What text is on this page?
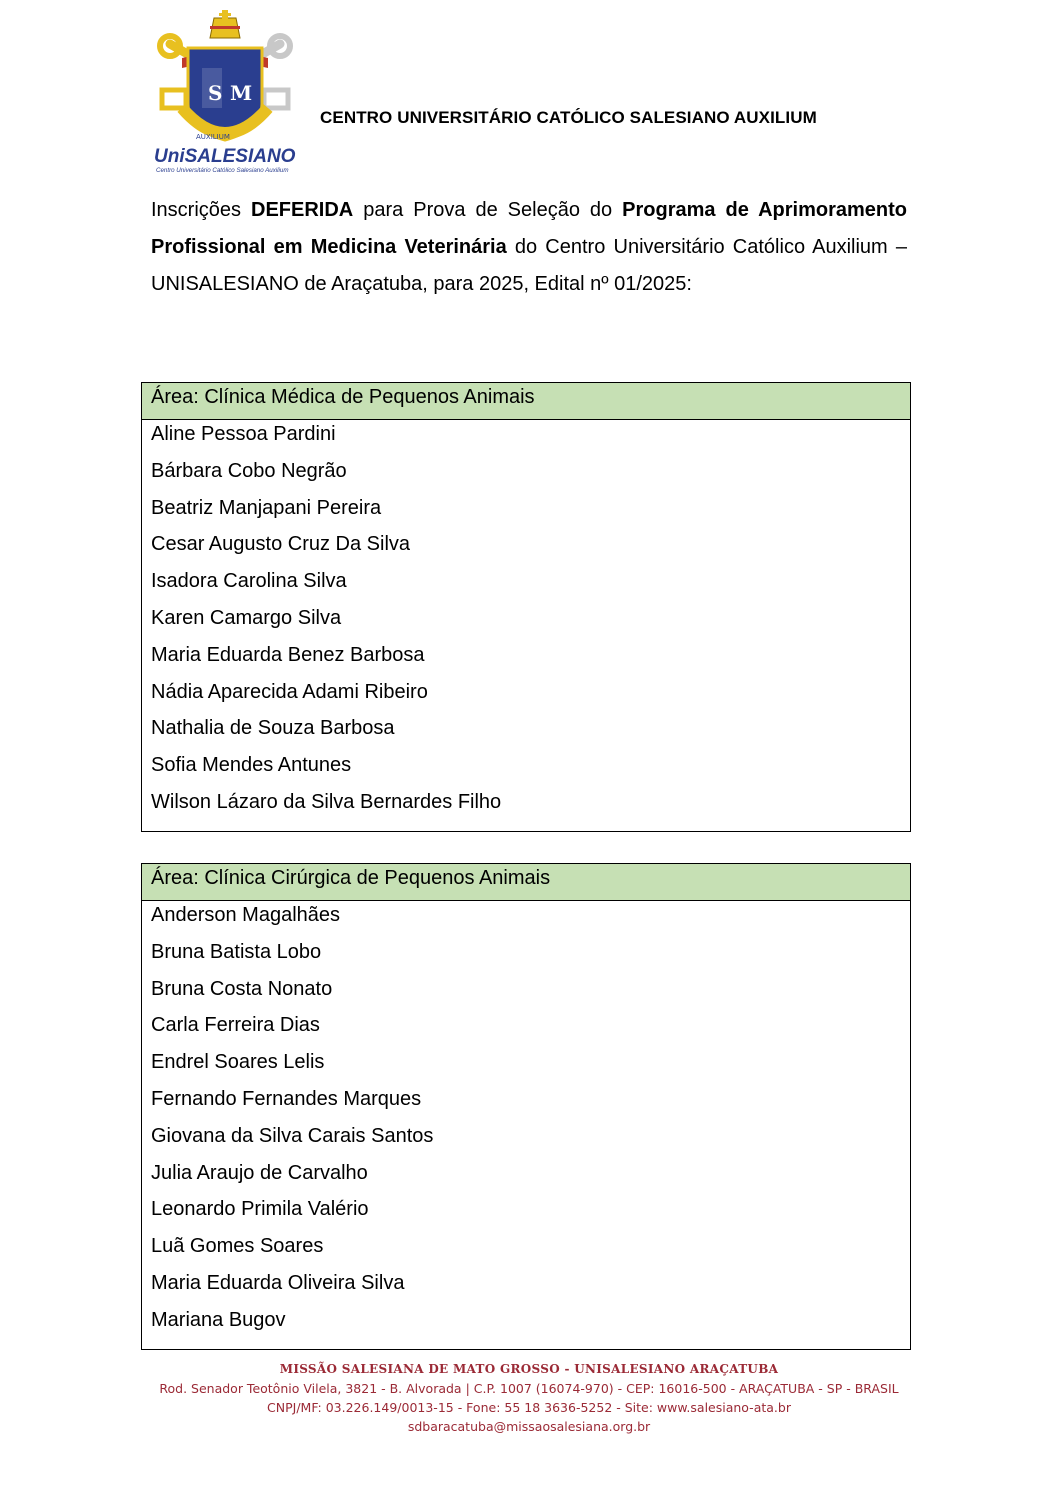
S M
AUXILIUM
UniSALESIANO
Centro Universitário Católico Salesiano Auxilium
CENTRO UNIVERSITÁRIO CATÓLICO SALESIANO AUXILIUM
Inscrições DEFERIDA para Prova de Seleção do Programa de Aprimoramento Profissional em Medicina Veterinária do Centro Universitário Católico Auxilium – UNISALESIANO de Araçatuba, para 2025, Edital nº 01/2025:
Área: Clínica Médica de Pequenos Animais
Aline Pessoa Pardini
Bárbara Cobo Negrão
Beatriz Manjapani Pereira
Cesar Augusto Cruz Da Silva
Isadora Carolina Silva
Karen Camargo Silva
Maria Eduarda Benez Barbosa
Nádia Aparecida Adami Ribeiro
Nathalia de Souza Barbosa
Sofia Mendes Antunes
Wilson Lázaro da Silva Bernardes Filho
Área: Clínica Cirúrgica de Pequenos Animais
Anderson Magalhães
Bruna Batista Lobo
Bruna Costa Nonato
Carla Ferreira Dias
Endrel Soares Lelis
Fernando Fernandes Marques
Giovana da Silva Carais Santos
Julia Araujo de Carvalho
Leonardo Primila Valério
Luã Gomes Soares
Maria Eduarda Oliveira Silva
Mariana Bugov
MISSÃO SALESIANA DE MATO GROSSO - UNISALESIANO ARAÇATUBA
Rod. Senador Teotônio Vilela, 3821 - B. Alvorada | C.P. 1007 (16074-970) - CEP: 16016-500 - ARAÇATUBA - SP - BRASIL
CNPJ/MF: 03.226.149/0013-15 - Fone: 55 18 3636-5252 - Site: www.salesiano-ata.br
sdbaracatuba@missaosalesiana.org.br
